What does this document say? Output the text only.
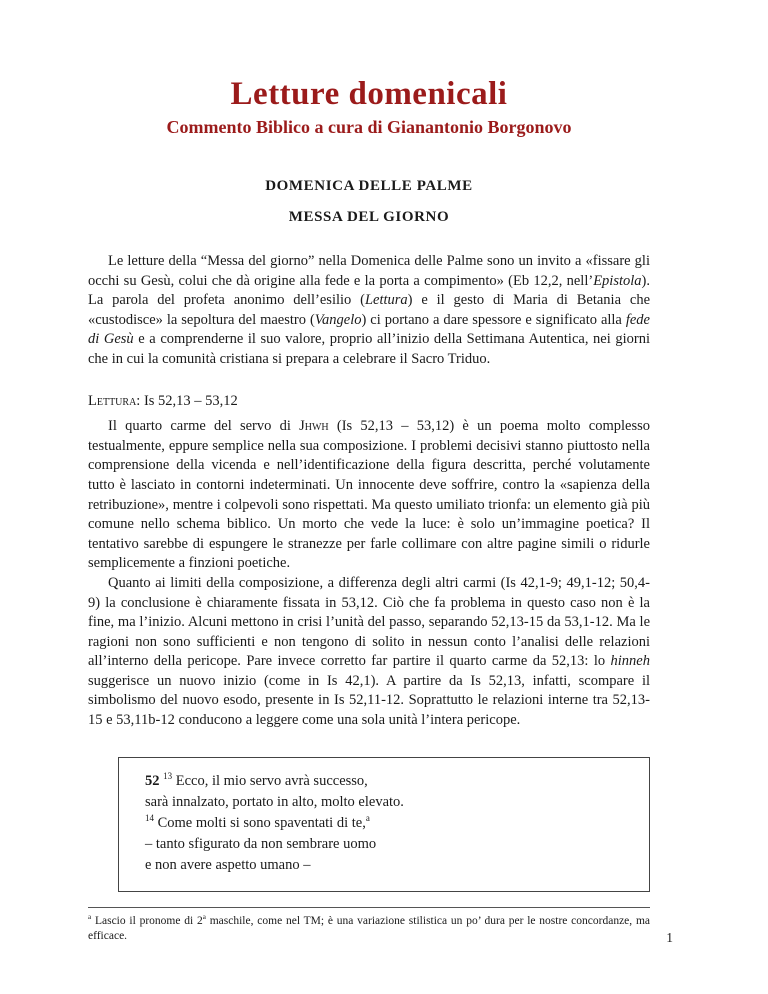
Letture domenicali
Commento Biblico a cura di Gianantonio Borgonovo
DOMENICA DELLE PALME
MESSA DEL GIORNO

Le letture della “Messa del giorno” nella Domenica delle Palme sono un invito a «fissare gli occhi su Gesù, colui che dà origine alla fede e la porta a compimento» (Eb 12,2, nell’Epistola). La parola del profeta anonimo dell’esilio (Lettura) e il gesto di Maria di Betania che «custodisce» la sepoltura del maestro (Vangelo) ci portano a dare spessore e significato alla fede di Gesù e a comprenderne il suo valore, proprio all’inizio della Settimana Autentica, nei giorni che in cui la comunità cristiana si prepara a celebrare il Sacro Triduo.

Lettura: Is 52,13 – 53,12

Il quarto carme del servo di Jhwh (Is 52,13 – 53,12) è un poema molto complesso testualmente, eppure semplice nella sua composizione. I problemi decisivi stanno piuttosto nella comprensione della vicenda e nell’identificazione della figura descritta, perché volutamente tutto è lasciato in contorni indeterminati. Un innocente deve soffrire, contro la «sapienza della retribuzione», mentre i colpevoli sono rispettati. Ma questo umiliato trionfa: un elemento già più comune nello schema biblico. Un morto che vede la luce: è solo un’immagine poetica? Il tentativo sarebbe di espungere le stranezze per farle collimare con altre pagine simili o ridurle semplicemente a finzioni poetiche.

Quanto ai limiti della composizione, a differenza degli altri carmi (Is 42,1-9; 49,1-12; 50,4-9) la conclusione è chiaramente fissata in 53,12. Ciò che fa problema in questo caso non è la fine, ma l’inizio. Alcuni mettono in crisi l’unità del passo, separando 52,13-15 da 53,1-12. Ma le ragioni non sono sufficienti e non tengono di solito in nessun conto l’analisi delle relazioni all’interno della pericope. Pare invece corretto far partire il quarto carme da 52,13: lo hinneh suggerisce un nuovo inizio (come in Is 42,1). A partire da Is 52,13, infatti, scompare il simbolismo del nuovo esodo, presente in Is 52,11-12. Soprattutto le relazioni interne tra 52,13-15 e 53,11b-12 conducono a leggere come una sola unità l’intera pericope.

52 $^{13}$ Ecco, il mio servo avrà successo,

sarà innalzato, portato in alto, molto elevato.

$^{14}$ Come molti si sono spaventati di te,$^a$

– tanto sfigurato da non sembrare uomo

e non avere aspetto umano –

$^a$ Lascio il pronome di 2$^a$ maschile, come nel TM; è una variazione stilistica un po’ dura per le nostre concordanze, ma efficace.	1
